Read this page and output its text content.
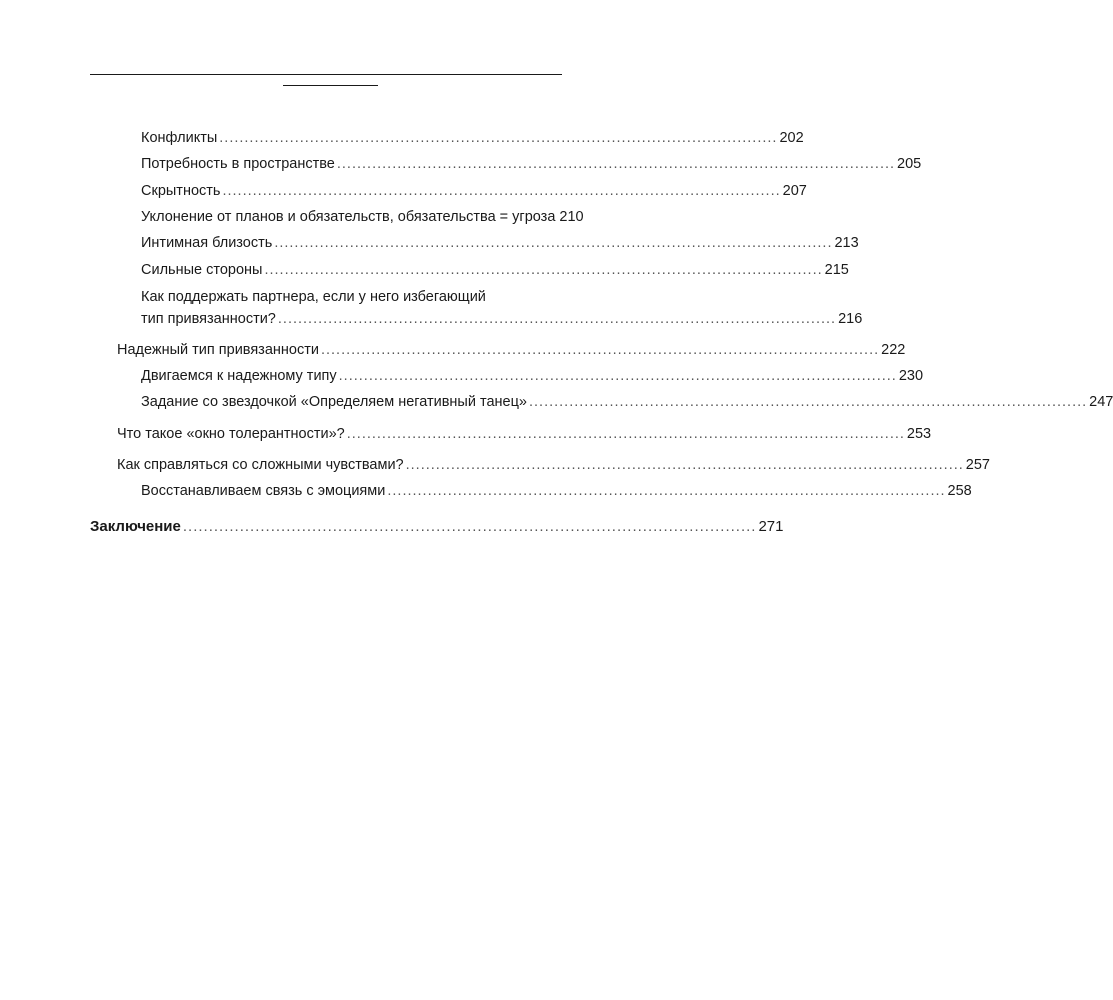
Конфликты ............................................................................................................... 202
Потребность в пространстве ............................................................................................................... 205
Скрытность ............................................................................................................... 207
Уклонение от планов и обязательств, обязательства = угроза 210
Интимная близость ............................................................................................................... 213
Сильные стороны ............................................................................................................... 215
Как поддержать партнера, если у него избегающий
тип привязанности? ............................................................................................................... 216
Надежный тип привязанности ............................................................................................................... 222
Двигаемся к надежному типу ............................................................................................................... 230
Задание со звездочкой «Определяем негативный танец» ............................................................................................................... 247
Что такое «окно толерантности»? ............................................................................................................... 253
Как справляться со сложными чувствами? ............................................................................................................... 257
Восстанавливаем связь с эмоциями ............................................................................................................... 258
Заключение ............................................................................................................... 271
